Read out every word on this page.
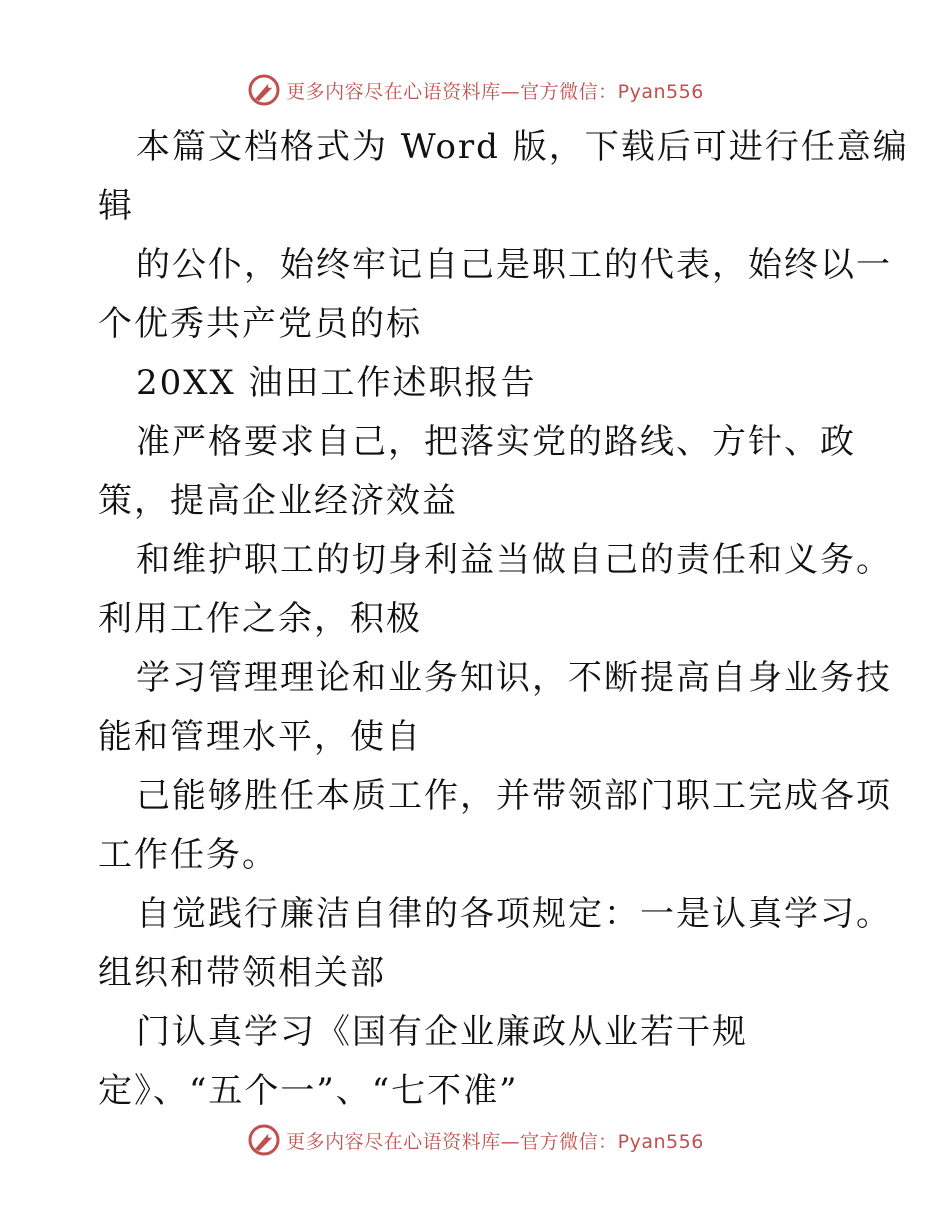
更多内容尽在心语资料库—官方微信：Pyan556
本篇文档格式为 Word 版，下载后可进行任意编
辑
的公仆，始终牢记自己是职工的代表，始终以一
个优秀共产党员的标
20XX 油田工作述职报告
准严格要求自己，把落实党的路线、方针、政
策，提高企业经济效益
和维护职工的切身利益当做自己的责任和义务。
利用工作之余，积极
学习管理理论和业务知识，不断提高自身业务技
能和管理水平，使自
己能够胜任本质工作，并带领部门职工完成各项
工作任务。
自觉践行廉洁自律的各项规定：一是认真学习。
组织和带领相关部
门认真学习《国有企业廉政从业若干规
定》、“五个一”、“七不准”
更多内容尽在心语资料库—官方微信：Pyan556
